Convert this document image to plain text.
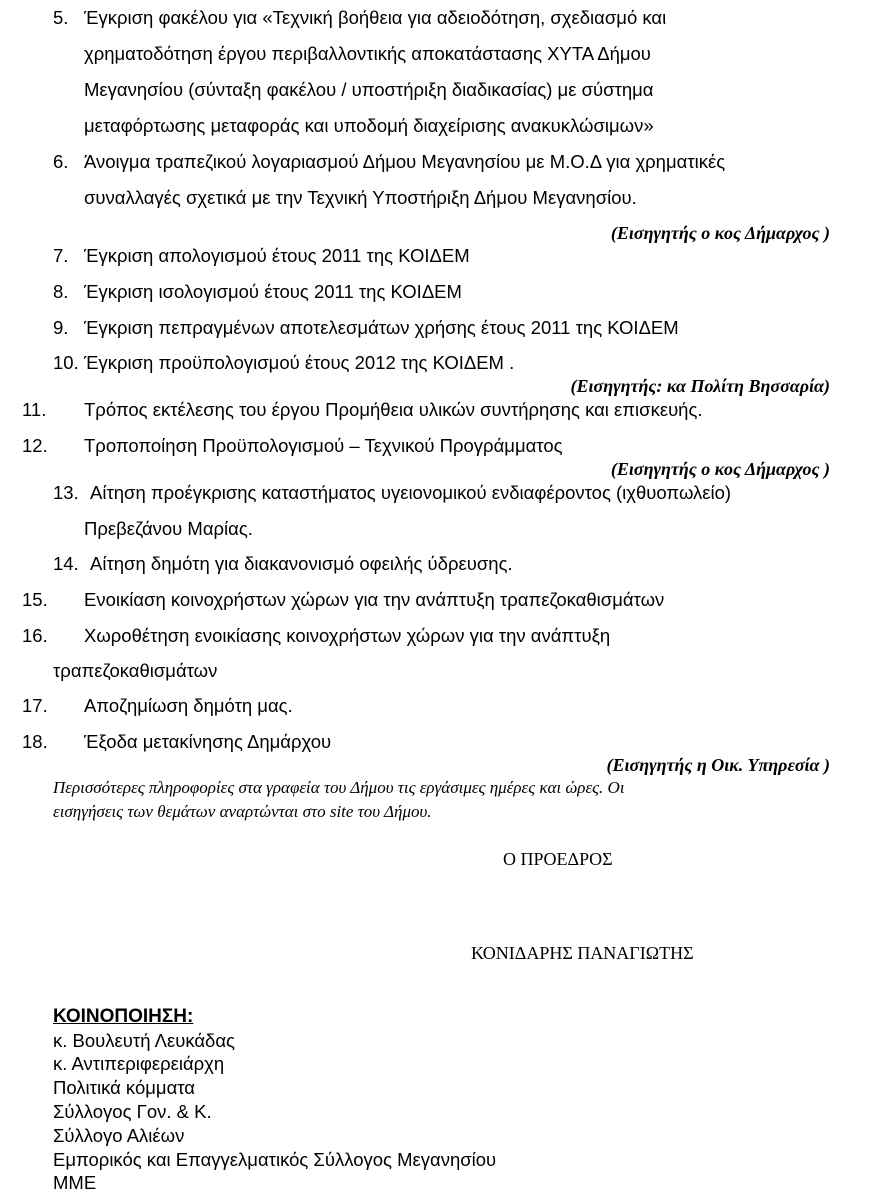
5. Έγκριση φακέλου για «Τεχνική βοήθεια για αδειοδότηση, σχεδιασμό και
χρηματοδότηση έργου περιβαλλοντικής αποκατάστασης ΧΥΤΑ Δήμου
Μεγανησίου (σύνταξη φακέλου / υποστήριξη διαδικασίας) με σύστημα
μεταφόρτωσης μεταφοράς και υποδομή διαχείρισης ανακυκλώσιμων»
6. Άνοιγμα τραπεζικού λογαριασμού Δήμου Μεγανησίου με Μ.Ο.Δ για χρηματικές
συναλλαγές σχετικά με την Τεχνική Υποστήριξη Δήμου Μεγανησίου.
(Εισηγητής ο κος Δήμαρχος )
7. Έγκριση απολογισμού έτους 2011 της ΚΟΙΔΕΜ
8. Έγκριση ισολογισμού έτους 2011 της ΚΟΙΔΕΜ
9. Έγκριση πεπραγμένων αποτελεσμάτων χρήσης έτους 2011 της ΚΟΙΔΕΜ
10. Έγκριση προϋπολογισμού έτους 2012 της ΚΟΙΔΕΜ .
(Εισηγητής: κα Πολίτη Βησσαρία)
11. Τρόπος εκτέλεσης του έργου Προμήθεια υλικών συντήρησης και επισκευής.
12. Τροποποίηση Προϋπολογισμού – Τεχνικού Προγράμματος
(Εισηγητής ο κος Δήμαρχος )
13. Αίτηση προέγκρισης καταστήματος υγειονομικού ενδιαφέροντος (ιχθυοπωλείο)
Πρεβεζάνου Μαρίας.
14. Αίτηση δημότη για διακανονισμό οφειλής ύδρευσης.
15. Ενοικίαση κοινοχρήστων χώρων για την ανάπτυξη τραπεζοκαθισμάτων
16. Χωροθέτηση ενοικίασης κοινοχρήστων χώρων για την ανάπτυξη
τραπεζοκαθισμάτων
17. Αποζημίωση δημότη μας.
18. Έξοδα μετακίνησης Δημάρχου
(Εισηγητής η Οικ. Υπηρεσία )
Περισσότερες πληροφορίες στα γραφεία του Δήμου τις εργάσιμες ημέρες και ώρες. Οι
εισηγήσεις των θεμάτων αναρτώνται στο site του Δήμου.
Ο ΠΡΟΕΔΡΟΣ
ΚΟΝΙΔΑΡΗΣ ΠΑΝΑΓΙΩΤΗΣ
ΚΟΙΝΟΠΟΙΗΣΗ:
κ. Βουλευτή Λευκάδας
κ. Αντιπεριφερειάρχη
Πολιτικά κόμματα
Σύλλογος Γον. & Κ.
Σύλλογο Αλιέων
Εμπορικός και Επαγγελματικός Σύλλογος Μεγανησίου
ΜΜΕ
